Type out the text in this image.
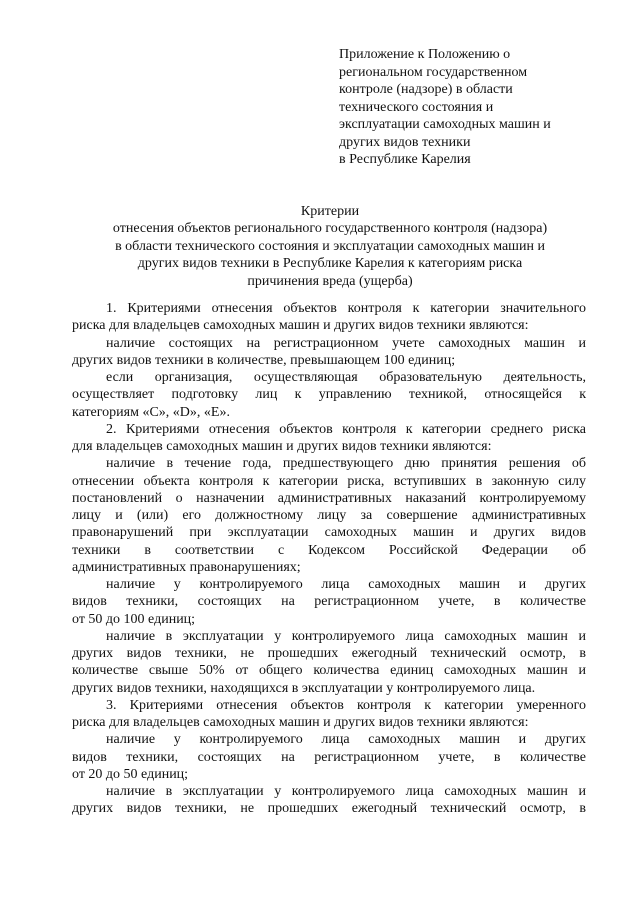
Приложение к Положению о
региональном государственном
контроле (надзоре) в области
технического состояния и
эксплуатации самоходных машин и
других видов техники
в Республике Карелия
Критерии
отнесения объектов регионального государственного контроля (надзора)
в области технического состояния и эксплуатации самоходных машин и
других видов техники в Республике Карелия к категориям риска
причинения вреда (ущерба)

1. Критериями отнесения объектов контроля к категории значительного
риска для владельцев самоходных машин и других видов техники являются:

наличие состоящих на регистрационном учете самоходных машин и
других видов техники в количестве, превышающем 100 единиц;

если организация, осуществляющая образовательную деятельность,
осуществляет подготовку лиц к управлению техникой, относящейся к
категориям «C», «D», «E».

2. Критериями отнесения объектов контроля к категории среднего риска
для владельцев самоходных машин и других видов техники являются:

наличие в течение года, предшествующего дню принятия решения об
отнесении объекта контроля к категории риска, вступивших в законную силу
постановлений о назначении административных наказаний контролируемому
лицу и (или) его должностному лицу за совершение административных
правонарушений при эксплуатации самоходных машин и других видов
техники в соответствии с Кодексом Российской Федерации об
административных правонарушениях;

наличие у контролируемого лица самоходных машин и других
видов техники, состоящих на регистрационном учете, в количестве
от 50 до 100 единиц;

наличие в эксплуатации у контролируемого лица самоходных машин и
других видов техники, не прошедших ежегодный технический осмотр, в
количестве свыше 50% от общего количества единиц самоходных машин и
других видов техники, находящихся в эксплуатации у контролируемого лица.

3. Критериями отнесения объектов контроля к категории умеренного
риска для владельцев самоходных машин и других видов техники являются:

наличие у контролируемого лица самоходных машин и других
видов техники, состоящих на регистрационном учете, в количестве
от 20 до 50 единиц;

наличие в эксплуатации у контролируемого лица самоходных машин и
других видов техники, не прошедших ежегодный технический осмотр, в
